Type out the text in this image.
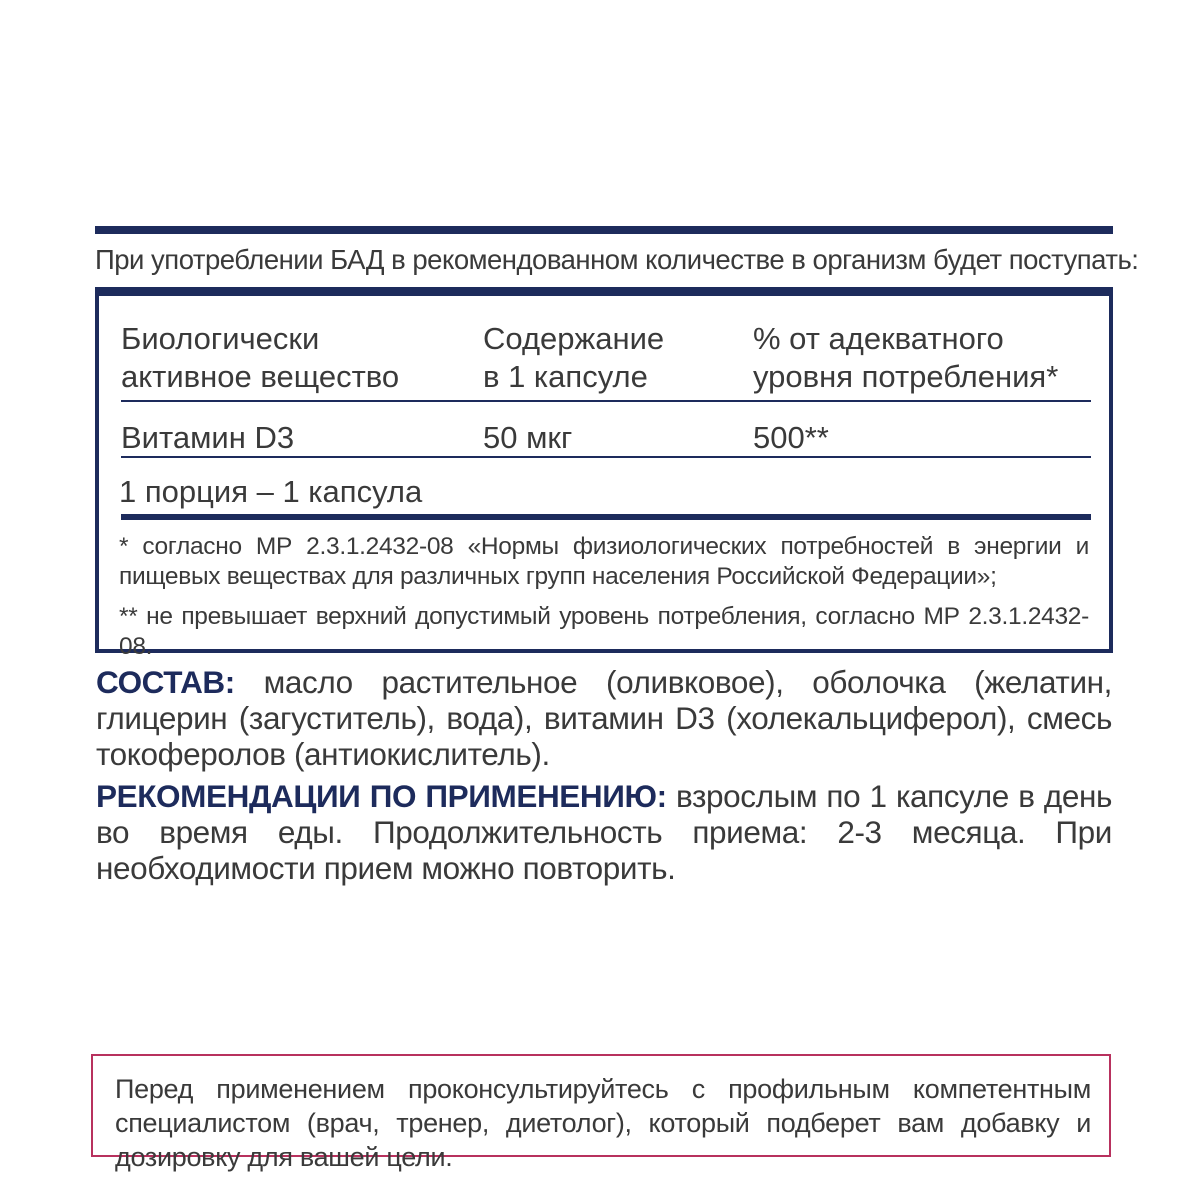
При употреблении БАД в рекомендованном количестве в организм будет поступать:
Биологически
активное вещество
Содержание
в 1 капсуле
% от адекватного
уровня потребления*
Витамин D3	50 мкг	500**
1 порция – 1 капсула
* согласно МР 2.3.1.2432-08 «Нормы физиологических потребностей в энергии и пищевых веществах для различных групп населения Российской Федерации»;
** не превышает верхний допустимый уровень потребления, согласно МР 2.3.1.2432-08.
СОСТАВ: масло растительное (оливковое), оболочка (желатин, глицерин (загуститель), вода), витамин D3 (холекальциферол), смесь токоферолов (антиокислитель).
РЕКОМЕНДАЦИИ ПО ПРИМЕНЕНИЮ: взрослым по 1 капсуле в день во время еды. Продолжительность приема: 2-3 месяца. При необходимости прием можно повторить.
Перед применением проконсультируйтесь с профильным компетентным специалистом (врач, тренер, диетолог), который подберет вам добавку и дозировку для вашей цели.
